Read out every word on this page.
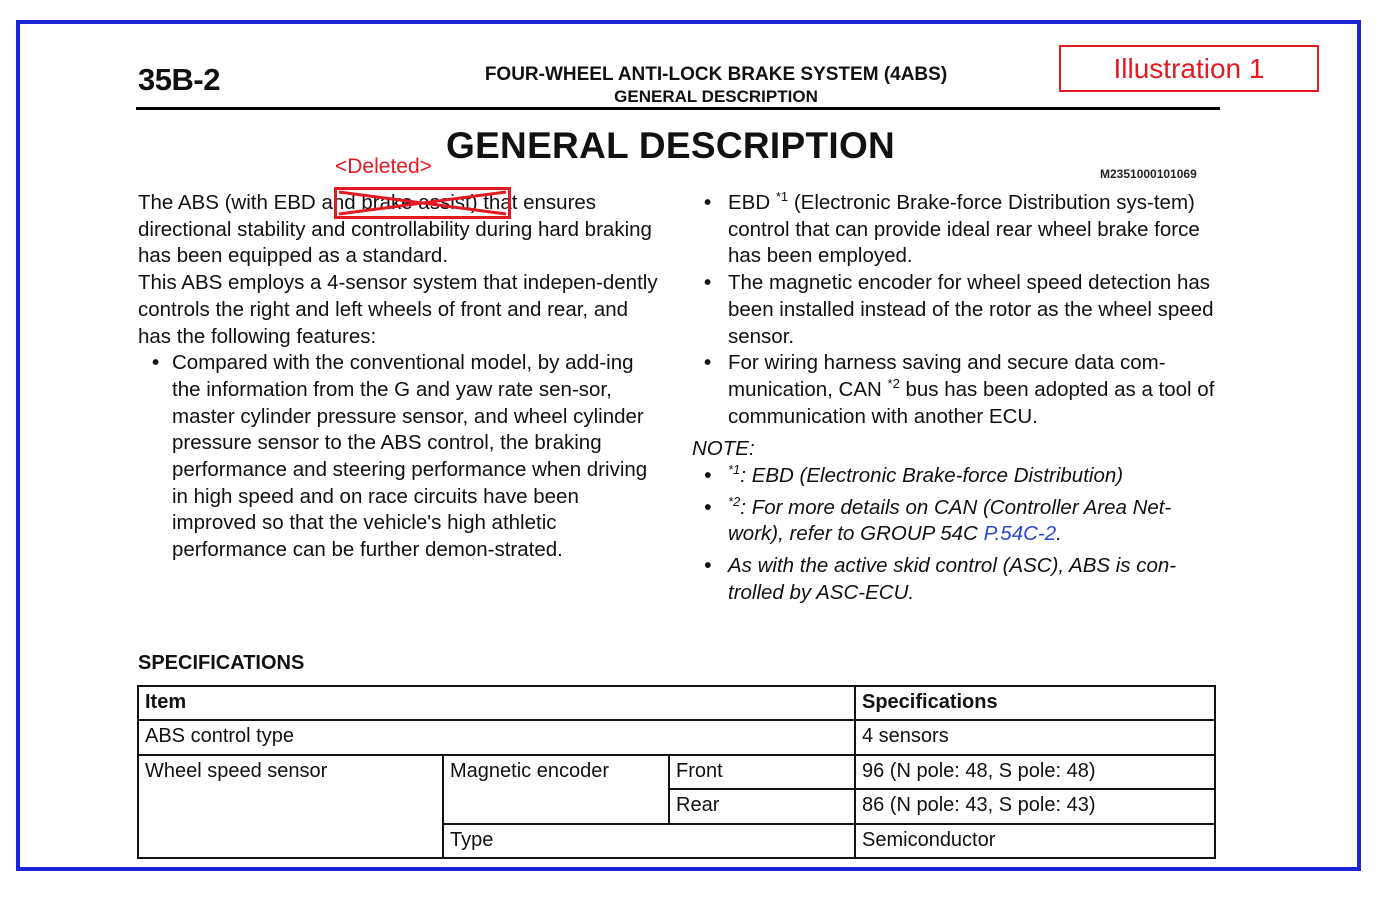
35B-2	FOUR-WHEEL ANTI-LOCK BRAKE SYSTEM (4ABS)
GENERAL DESCRIPTION
Illustration 1
GENERAL DESCRIPTION
M2351000101069
<Deleted>

The ABS (with EBD and brake assist) that ensures directional stability and controllability during hard braking has been equipped as a standard.

This ABS employs a 4-sensor system that indepen-dently controls the right and left wheels of front and rear, and has the following features:

• Compared with the conventional model, by add-ing the information from the G and yaw rate sen-sor, master cylinder pressure sensor, and wheel cylinder pressure sensor to the ABS control, the braking performance and steering performance when driving in high speed and on race circuits have been improved so that the vehicle's high athletic performance can be further demon-strated.
• EBD $^{*1}$ (Electronic Brake-force Distribution sys-tem) control that can provide ideal rear wheel brake force has been employed.
• The magnetic encoder for wheel speed detection has been installed instead of the rotor as the wheel speed sensor.
• For wiring harness saving and secure data com-munication, CAN $^{*2}$ bus has been adopted as a tool of communication with another ECU.
NOTE:
• $^{*1}$: EBD (Electronic Brake-force Distribution)
• $^{*2}$: For more details on CAN (Controller Area Net-work), refer to GROUP 54C P.54C-2.
• As with the active skid control (ASC), ABS is con-trolled by ASC-ECU.
SPECIFICATIONS
Item			Specifications
ABS control type			4 sensors
Wheel speed sensor	Magnetic encoder	Front	96 (N pole: 48, S pole: 48)
		Rear	86 (N pole: 43, S pole: 43)
	Type		Semiconductor
